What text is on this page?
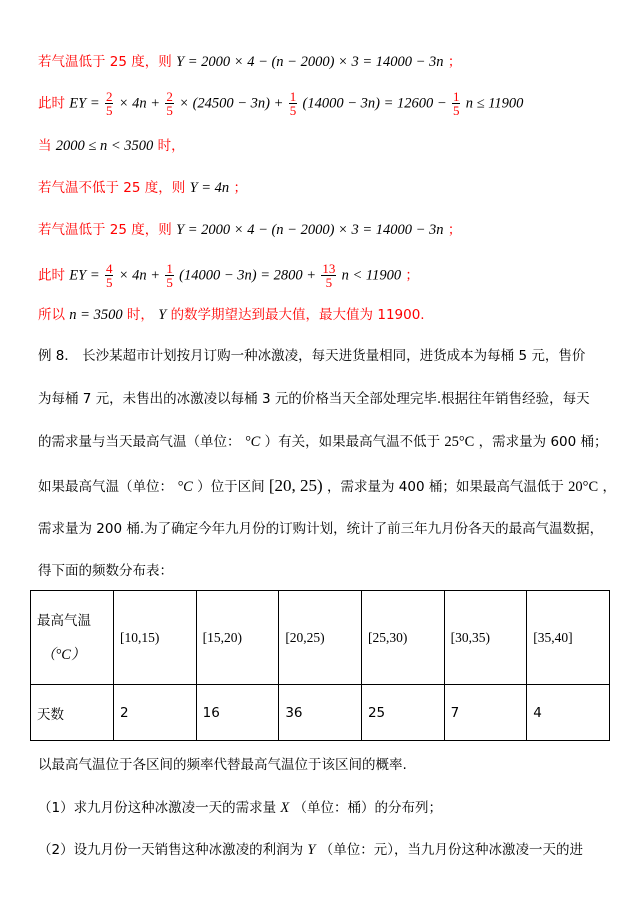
若气温低于 25 度，则 Y = 2000 × 4 − (n − 2000) × 3 = 14000 − 3n ；
此时 EY = $\frac{2}{5} \times 4n + \frac{2}{5} \times (24500 - 3n) + \frac{1}{5} (14000 - 3n) = 12600 - \frac{1}{5}$ n ≤ 11900
当 2000 ≤ n < 3500 时，
若气温不低于 25 度，则 Y = 4n ；
若气温低于 25 度，则 Y = 2000 × 4 − (n − 2000) × 3 = 14000 − 3n ；
此时 EY = $\frac{4}{5} \times 4n + \frac{1}{5} (14000 - 3n) = 2800 + \frac{13}{5}$ n < 11900 ；
所以 n = 3500 时， Y 的数学期望达到最大值，最大值为 11900.
例 8． 长沙某超市计划按月订购一种冰激凌，每天进货量相同，进货成本为每桶 5 元，售价
为每桶 7 元，未售出的冰激凌以每桶 3 元的价格当天全部处理完毕.根据往年销售经验，每天
的需求量与当天最高气温（单位： °C ）有关，如果最高气温不低于 25°C ，需求量为 600 桶；
如果最高气温（单位： °C ）位于区间 [20, 25) ，需求量为 400 桶；如果最高气温低于 20°C ，
需求量为 200 桶.为了确定今年九月份的订购计划，统计了前三年九月份各天的最高气温数据，
得下面的频数分布表：
最高气温
（°C）	[10,15)	[15,20)	[20,25)	[25,30)	[30,35)	[35,40]
天数	2	16	36	25	7	4
以最高气温位于各区间的频率代替最高气温位于该区间的概率.
（1）求九月份这种冰激凌一天的需求量 X （单位：桶）的分布列；
（2）设九月份一天销售这种冰激凌的利润为 Y （单位：元），当九月份这种冰激凌一天的进
